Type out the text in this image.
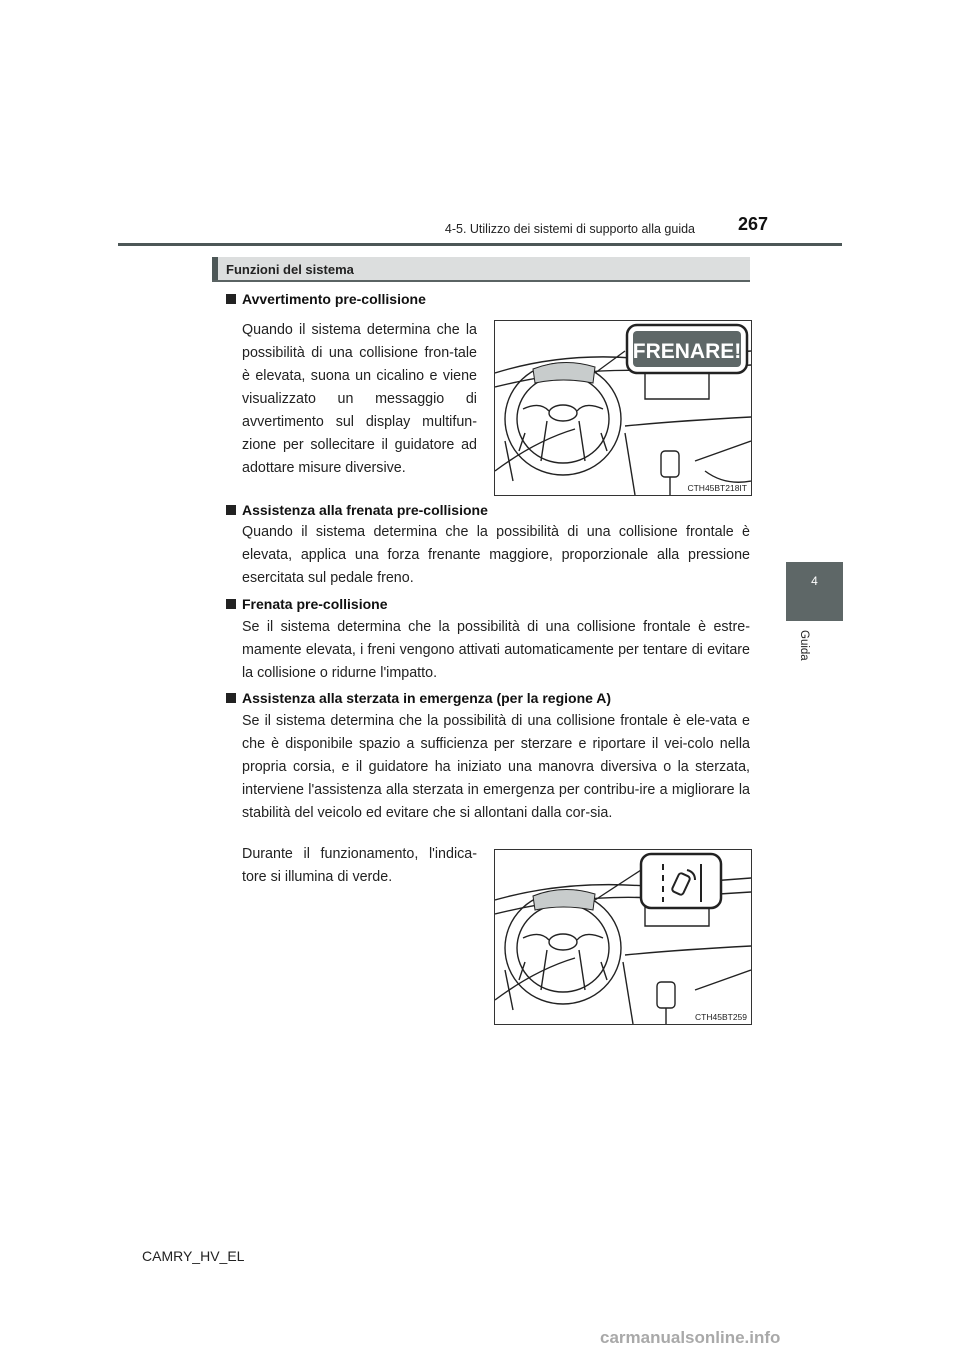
4-5. Utilizzo dei sistemi di supporto alla guida 267
4
Guida
Funzioni del sistema
Avvertimento pre-collisione

Quando il sistema determina che la possibilità di una collisione fron-tale è elevata, suona un cicalino e viene visualizzato un messaggio di avvertimento sul display multifun-zione per sollecitare il guidatore ad adottare misure diversive.

FRENARE!
CTH45BT218IT
Assistenza alla frenata pre-collisione

Quando il sistema determina che la possibilità di una collisione frontale è elevata, applica una forza frenante maggiore, proporzionale alla pressione esercitata sul pedale freno.

Frenata pre-collisione

Se il sistema determina che la possibilità di una collisione frontale è estre-mamente elevata, i freni vengono attivati automaticamente per tentare di evitare la collisione o ridurne l'impatto.

Assistenza alla sterzata in emergenza (per la regione A)

Se il sistema determina che la possibilità di una collisione frontale è ele-vata e che è disponibile spazio a sufficienza per sterzare e riportare il vei-colo nella propria corsia, e il guidatore ha iniziato una manovra diversiva o la sterzata, interviene l'assistenza alla sterzata in emergenza per contribu-ire a migliorare la stabilità del veicolo ed evitare che si allontani dalla cor-sia.

Durante il funzionamento, l'indica-tore si illumina di verde.

CTH45BT259
CAMRY_HV_EL
carmanualsonline.info
